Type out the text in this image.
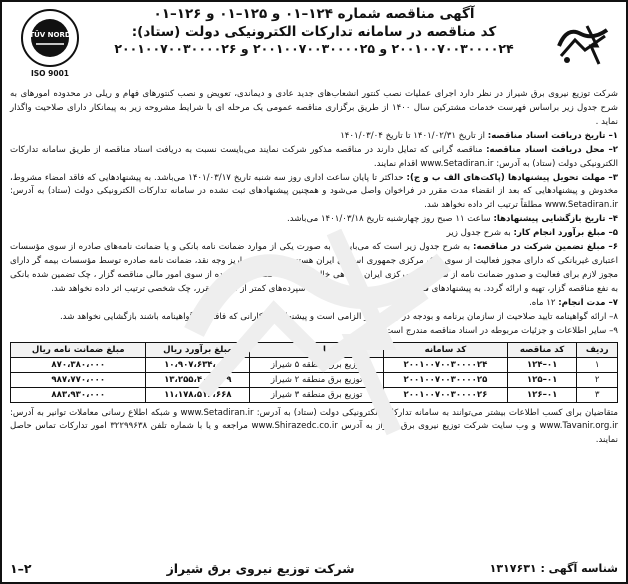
آگهی مناقصه شماره ۱۲۴–۰۱ و ۱۲۵–۰۱ و ۱۲۶–۰۱
کد مناقصه در سامانه تدارکات الکترونیکی دولت (ستاد):
۲۰۰۱۰۰۷۰۰۳۰۰۰۰۲۴ و ۲۰۰۱۰۰۷۰۰۳۰۰۰۰۲۵ و ۲۰۰۱۰۰۷۰۰۳۰۰۰۰۲۶
TÜV NORD
ISO 9001

شرکت توزیع نیروی برق شیراز در نظر دارد اجرای عملیات نصب کنتور انشعاب‌های جدید عادی و دیماندی، تعویض و نصب کنتورهای فهام و ریلی در محدوده امورهای به شرح جدول زیر براساس فهرست خدمات مشترکین سال ۱۴۰۰ از طریق برگزاری مناقصه عمومی یک مرحله ای با شرایط مشروحه زیر به پیمانکار دارای صلاحیت واگذار نماید .

۱– تاریخ دریافت اسناد مناقصه: از تاریخ ۱۴۰۱/۰۲/۳۱ تا تاریخ ۱۴۰۱/۰۳/۰۴

۲– محل دریافت اسناد مناقصه: مناقصه گرانی که تمایل دارند در مناقصه مذکور شرکت نمایند می‌بایست نسبت به دریافت اسناد مناقصه از طریق سامانه تدارکات الکترونیکی دولت (ستاد) به آدرس: www.Setadiran.ir اقدام نمایند.

۳– مهلت تحویل پیشنهادها (پاکت‌های الف ب و ج): حداکثر تا پایان ساعت اداری روز سه شنبه تاریخ ۱۴۰۱/۰۳/۱۷ می‌باشد. به پیشنهادهایی که فاقد امضاء مشروط، مخدوش و پیشنهادهایی که بعد از انقضاء مدت مقرر در فراخوان واصل می‌شود و همچنین پیشنهادهای ثبت نشده در سامانه تدارکات الکترونیکی دولت (ستاد) به آدرس: www.Setadiran.ir مطلقاً ترتیب اثر داده نخواهد شد.

۴– تاریخ بازگشایی پیشنهادها: ساعت ۱۱ صبح روز چهارشنبه تاریخ ۱۴۰۱/۰۳/۱۸ می‌باشد.

۵– مبلغ برآورد انجام کار: به شرح جدول زیر

۶– مبلغ تضمین شرکت در مناقصه: به شرح جدول زیر است که می‌بایست به صورت یکی از موارد ضمانت نامه بانکی و یا ضمانت نامه‌های صادره از سوی مؤسسات اعتباری غیربانکی که دارای مجوز فعالیت از سوی بانک مرکزی جمهوری اسلامی ایران هستند، اصل فیش واریز وجه نقد، ضمانت نامه صادره توسط مؤسسات بیمه گر دارای مجوز لازم برای فعالیت و صدور ضمانت نامه از سوی بیمه مرکزی ایران ، گواهی خالص مطالبات قطعی تایید شده از سوی امور مالی مناقصه گزار ، چک تضمین شده بانکی به نفع مناقصه گزار، تهیه و ارائه گردد. به پیشنهادهای فاقد سپرده، سپرده‌های مخدوش ، سپرده‌های کمتر از میزان مقرر، چک شخصی ترتیب اثر داده نخواهد شد.

۷– مدت انجام: ۱۲ ماه.

۸– ارائه گواهینامه تایید صلاحیت از سازمان برنامه و بودجه در رشته نیرو الزامی است و پیشنهاد پیمانکارانی که فاقد این گواهینامه باشند بازگشایی نخواهد شد.

۹– سایر اطلاعات و جزئیات مربوطه در اسناد مناقصه مندرج است.

ردیف	کد مناقصه	کد سامانه	امور	مبلغ برآورد ریال	مبلغ ضمانت نامه ریال
۱	۱۲۴–۰۱	۲۰۰۱۰۰۷۰۰۳۰۰۰۰۲۴	توزیع برق منطقه ۵ شیراز	۱۰،۹۰۷،۶۳۴،۰۶۰	۸۷۰،۳۸۰،۰۰۰
۲	۱۲۵–۰۱	۲۰۰۱۰۰۷۰۰۳۰۰۰۰۲۵	توزیع برق منطقه ۲ شیراز	۱۳،۲۵۵،۴۰۷،۰۰۹	۹۸۷،۷۷۰،۰۰۰
۳	۱۲۶–۰۱	۲۰۰۱۰۰۷۰۰۳۰۰۰۰۲۶	توزیع برق منطقه ۳ شیراز	۱۱،۱۷۸،۵۱۶،۶۶۸	۸۸۳،۹۳۰،۰۰۰
متقاضیان برای کسب اطلاعات بیشتر می‌توانند به سامانه تدارکات الکترونیکی دولت (ستاد) به آدرس: www.Setadiran.ir و شبکه اطلاع رسانی معاملات توانیر به آدرس: www.Tavanir.org.ir و وب سایت شرکت توزیع نیروی برق شیراز به آدرس www.Shirazedc.co.ir مراجعه و یا با شماره تلفن ۳۲۲۹۹۶۳۸ امور تدارکات تماس حاصل نمایند.
شناسه آگهی : ۱۳۱۷۶۳۱
شرکت توزیع نیروی برق شیراز
۱–۲
